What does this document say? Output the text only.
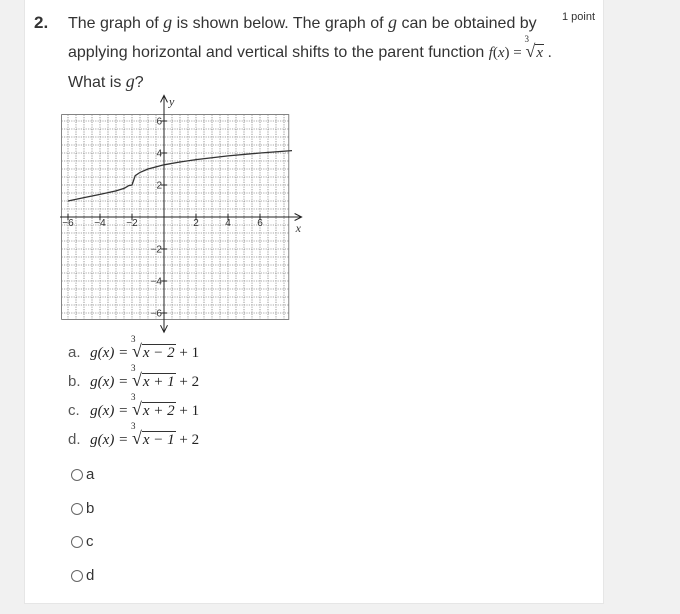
2.	1 point
The graph of g is shown below. The graph of g can be obtained by
applying horizontal and vertical shifts to the parent function f(x) =
3
√x .
What is g?
−6 −4 −2	2	4	6
6
4
2
−2
−4
−6
x
y
a. g(x) =
3
√x − 2 + 1
b. g(x) =
3
√x + 1 + 2
c. g(x) =
3
√x + 2 + 1
d. g(x) =
3
√x − 1 + 2
a
b
c
d
